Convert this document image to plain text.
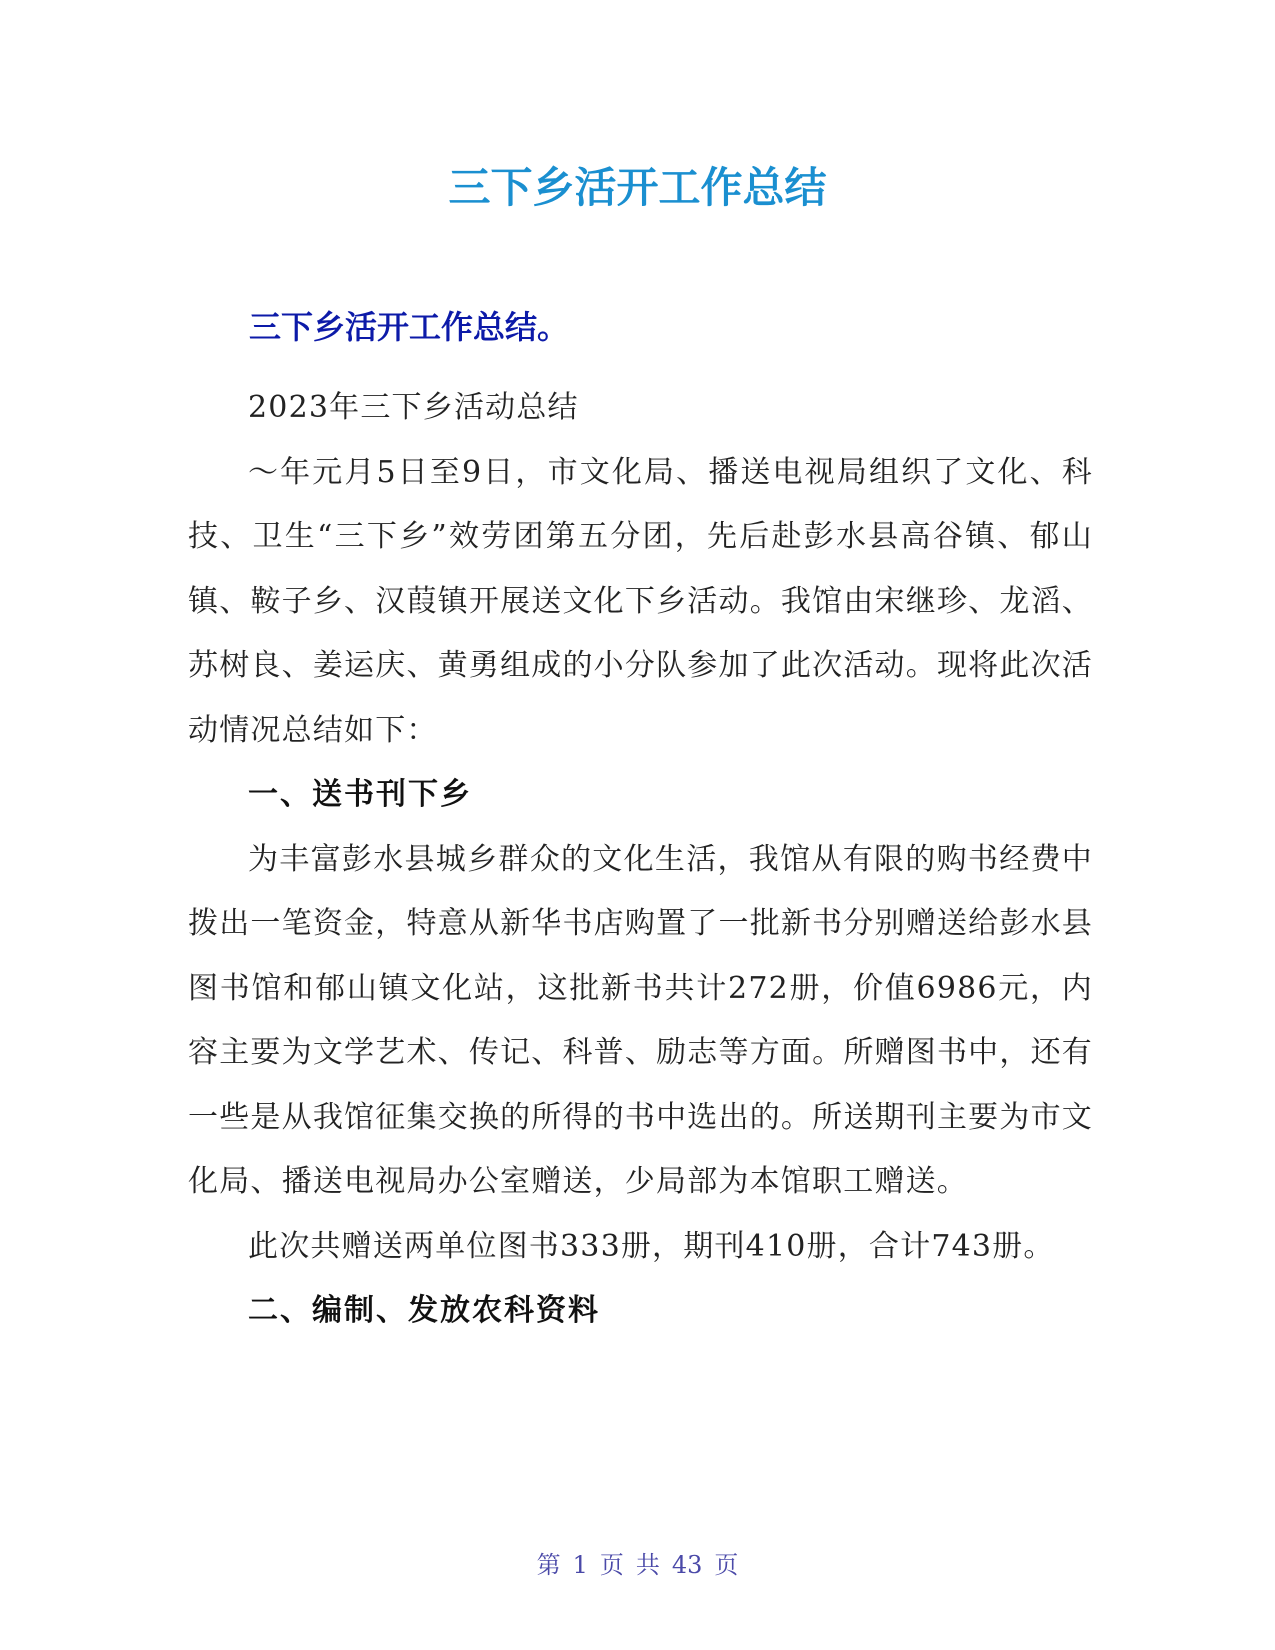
三下乡活开工作总结
三下乡活开工作总结。

2023年三下乡活动总结

～年元月5日至9日，市文化局、播送电视局组织了文化、科技、卫生“三下乡”效劳团第五分团，先后赴彭水县高谷镇、郁山镇、鞍子乡、汉葭镇开展送文化下乡活动。我馆由宋继珍、龙滔、苏树良、姜运庆、黄勇组成的小分队参加了此次活动。现将此次活动情况总结如下：

一、送书刊下乡

为丰富彭水县城乡群众的文化生活，我馆从有限的购书经费中拨出一笔资金，特意从新华书店购置了一批新书分别赠送给彭水县图书馆和郁山镇文化站，这批新书共计272册，价值6986元，内容主要为文学艺术、传记、科普、励志等方面。所赠图书中，还有一些是从我馆征集交换的所得的书中选出的。所送期刊主要为市文化局、播送电视局办公室赠送，少局部为本馆职工赠送。

此次共赠送两单位图书333册，期刊410册，合计743册。

二、编制、发放农科资料

第 1 页 共 43 页
